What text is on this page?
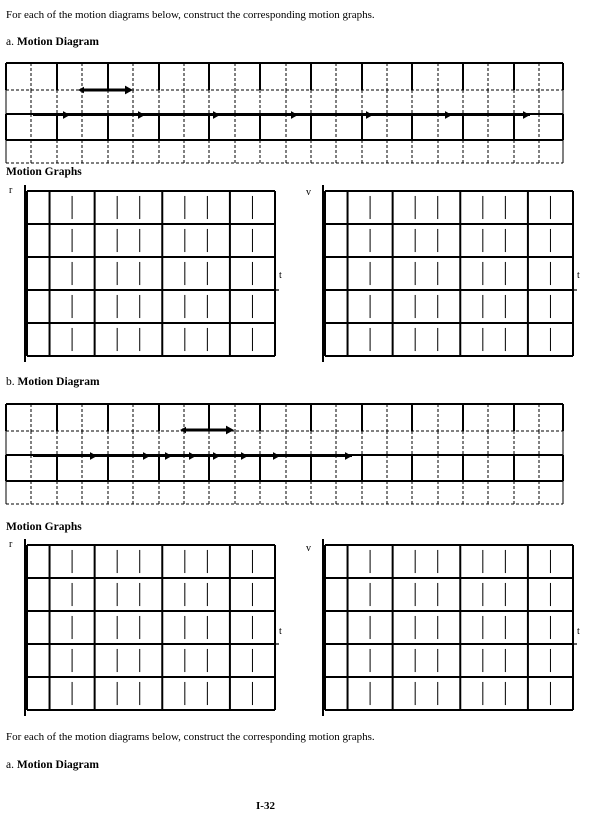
For each of the motion diagrams below, construct the corresponding motion graphs.
a. Motion Diagram
Motion Graphs
r
t
v
t
b. Motion Diagram
Motion Graphs
r
t
v
t
For each of the motion diagrams below, construct the corresponding motion graphs.
a. Motion Diagram
I-32
